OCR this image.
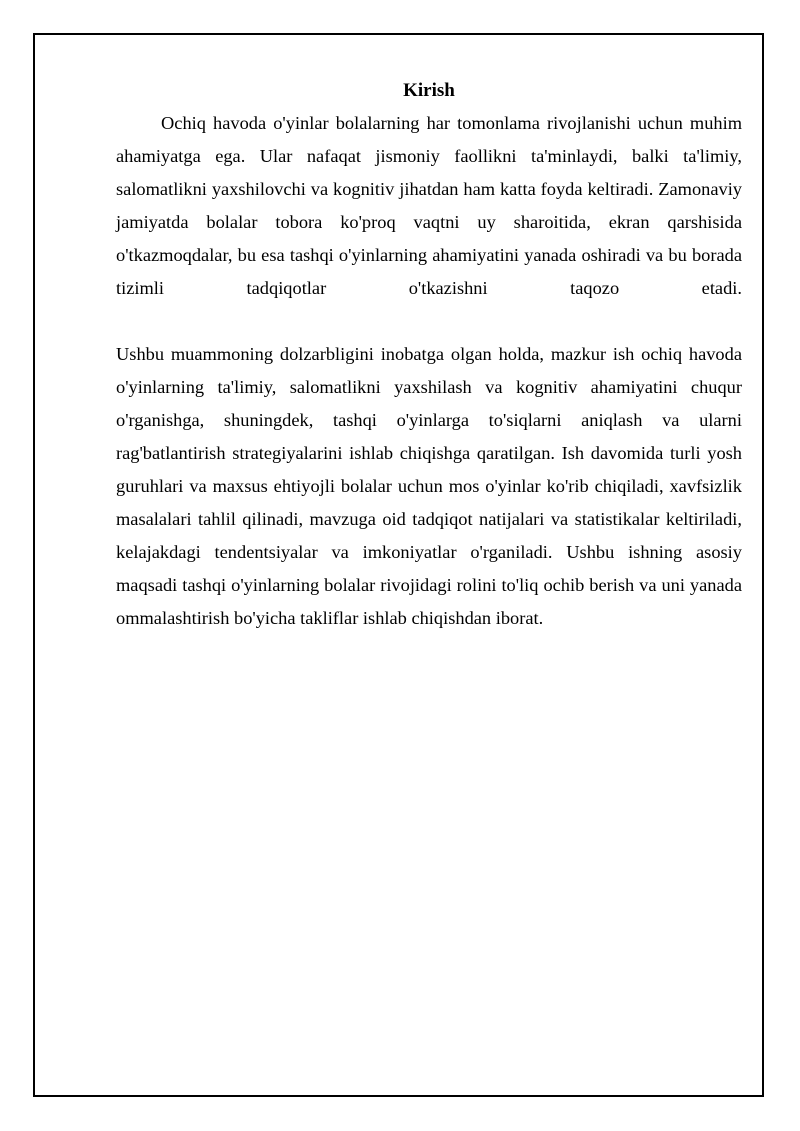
Kirish

Ochiq havoda o'yinlar bolalarning har tomonlama rivojlanishi uchun muhim ahamiyatga ega. Ular nafaqat jismoniy faollikni ta'minlaydi, balki ta'limiy, salomatlikni yaxshilovchi va kognitiv jihatdan ham katta foyda keltiradi. Zamonaviy jamiyatda bolalar tobora ko'proq vaqtni uy sharoitida, ekran qarshisida o'tkazmoqdalar, bu esa tashqi o'yinlarning ahamiyatini yanada oshiradi va bu borada tizimli tadqiqotlar o'tkazishni taqozo etadi.

Ushbu muammoning dolzarbligini inobatga olgan holda, mazkur ish ochiq havoda o'yinlarning ta'limiy, salomatlikni yaxshilash va kognitiv ahamiyatini chuqur o'rganishga, shuningdek, tashqi o'yinlarga to'siqlarni aniqlash va ularni rag'batlantirish strategiyalarini ishlab chiqishga qaratilgan. Ish davomida turli yosh guruhlari va maxsus ehtiyojli bolalar uchun mos o'yinlar ko'rib chiqiladi, xavfsizlik masalalari tahlil qilinadi, mavzuga oid tadqiqot natijalari va statistikalar keltiriladi, kelajakdagi tendentsiyalar va imkoniyatlar o'rganiladi. Ushbu ishning asosiy maqsadi tashqi o'yinlarning bolalar rivojidagi rolini to'liq ochib berish va uni yanada ommalashtirish bo'yicha takliflar ishlab chiqishdan iborat.
